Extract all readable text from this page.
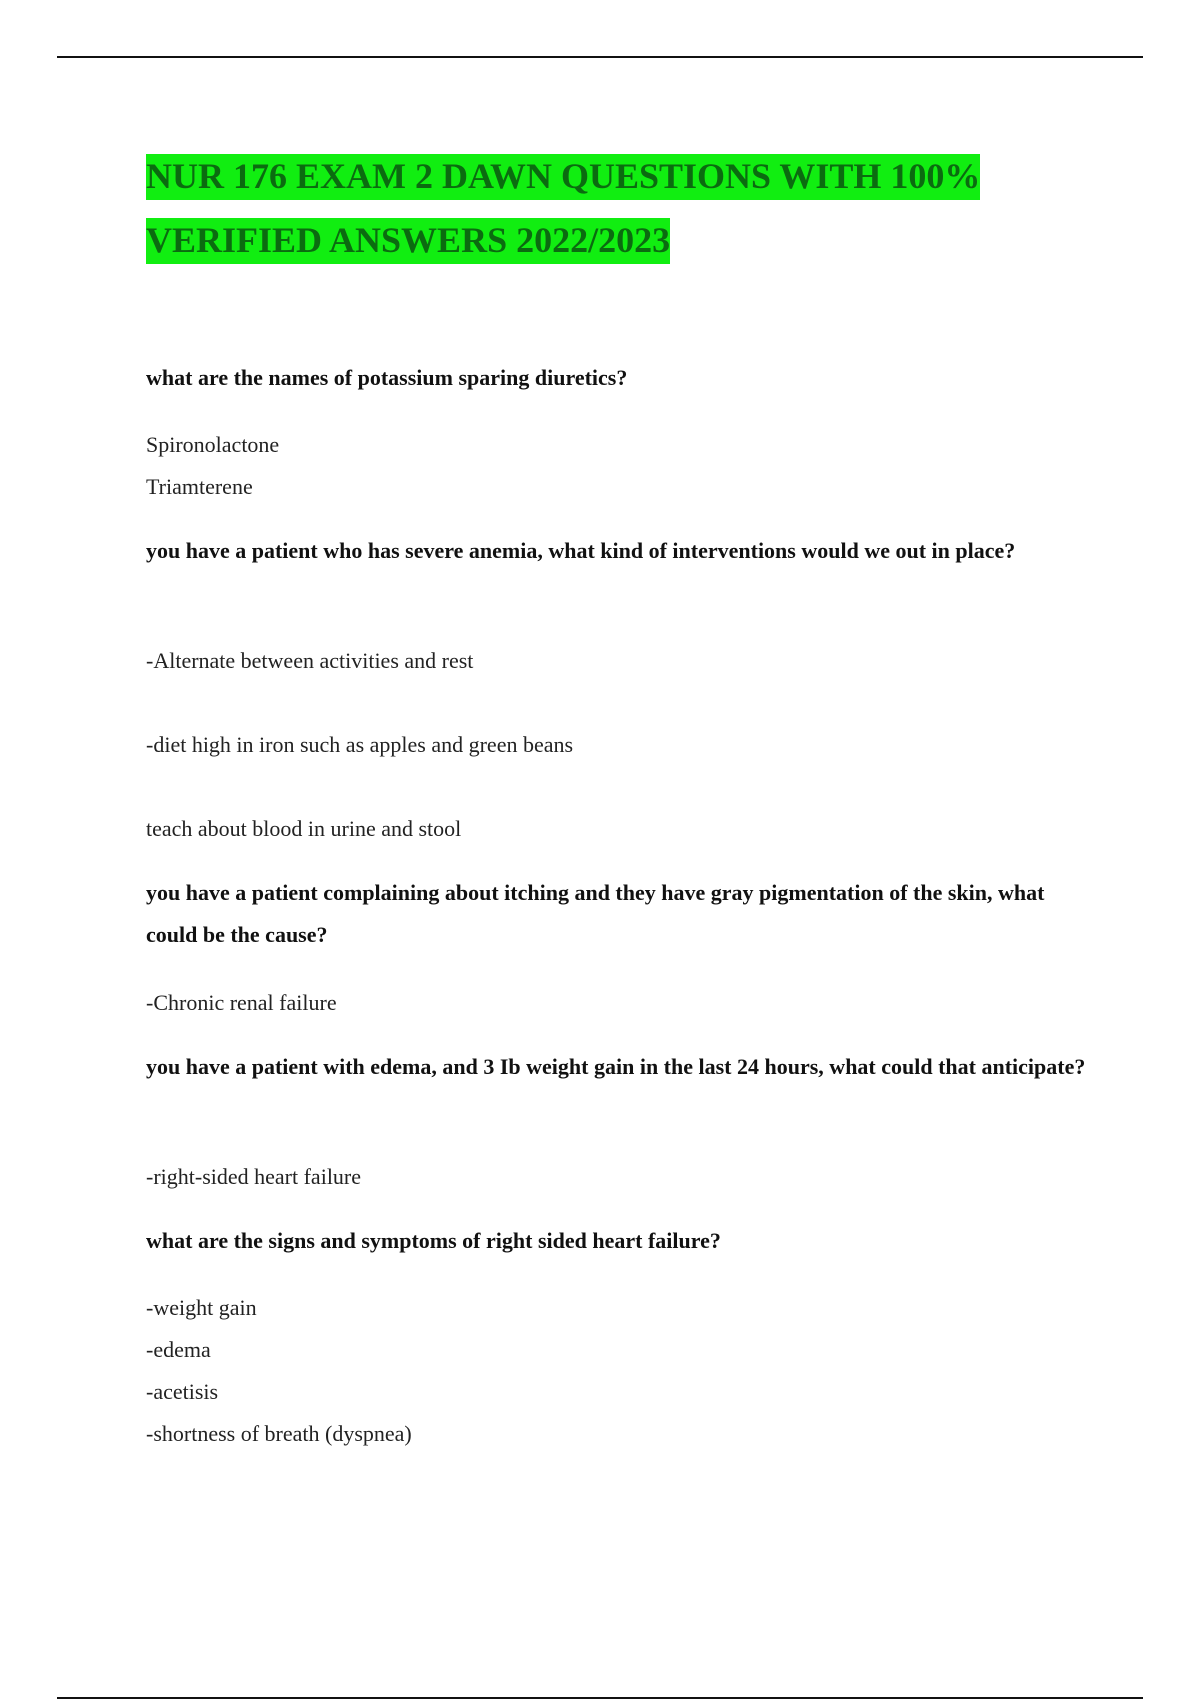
NUR 176 EXAM 2 DAWN QUESTIONS WITH 100% VERIFIED ANSWERS 2022/2023

what are the names of potassium sparing diuretics?

Spironolactone

Triamterene

you have a patient who has severe anemia, what kind of interventions would we out in place?

-Alternate between activities and rest

-diet high in iron such as apples and green beans

teach about blood in urine and stool

you have a patient complaining about itching and they have gray pigmentation of the skin, what could be the cause?

-Chronic renal failure

you have a patient with edema, and 3 Ib weight gain in the last 24 hours, what could that anticipate?

-right-sided heart failure

what are the signs and symptoms of right sided heart failure?

-weight gain

-edema

-acetisis

-shortness of breath (dyspnea)
